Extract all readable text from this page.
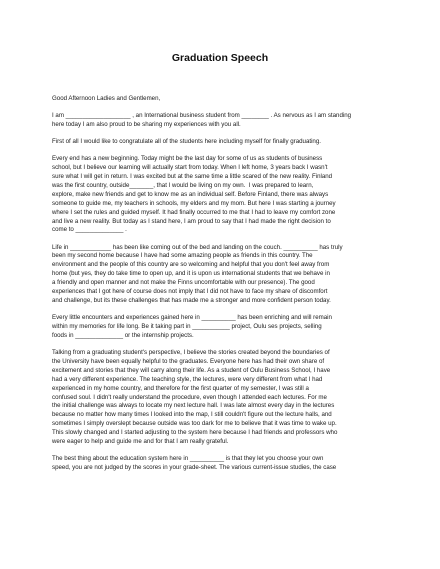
Graduation Speech

Good Afternoon Ladies and Gentlemen,

I am ___________________ , an International business student from ________ . As nervous as I am standing
here today I am also proud to be sharing my experiences with you all.

First of all I would like to congratulate all of the students here including myself for finally graduating.

Every end has a new beginning. Today might be the last day for some of us as students of business
school, but I believe our learning will actually start from today. When I left home, 3 years back I wasn't
sure what I will get in return. I was excited but at the same time a little scared of the new reality. Finland
was the first country, outside_______, that I would be living on my own.  I was prepared to learn,
explore, make new friends and get to know me as an individual self. Before Finland, there was always
someone to guide me, my teachers in schools, my elders and my mom. But here I was starting a journey
where I set the rules and guided myself. It had finally occurred to me that I had to leave my comfort zone
and live a new reality. But today as I stand here, I am proud to say that I had made the right decision to
come to ______________ .

Life in ____________ has been like coming out of the bed and landing on the couch. __________ has truly
been my second home because I have had some amazing people as friends in this country. The
environment and the people of this country are so welcoming and helpful that you don't feel away from
home (but yes, they do take time to open up, and it is upon us international students that we behave in
a friendly and open manner and not make the Finns uncomfortable with our presence). The good
experiences that I got here of course does not imply that I did not have to face my share of discomfort
and challenge, but its these challenges that has made me a stronger and more confident person today.

Every little encounters and experiences gained here in __________ has been enriching and will remain
within my memories for life long. Be it taking part in ___________ project, Oulu ses projects, selling
foods in ______________ or the internship projects.

Talking from a graduating student's perspective, I believe the stories created beyond the boundaries of
the University have been equally helpful to the graduates. Everyone here has had their own share of
excitement and stories that they will carry along their life. As a student of Oulu Business School, I have
had a very different experience. The teaching style, the lectures, were very different from what I had
experienced in my home country, and therefore for the first quarter of my semester, I was still a
confused soul. I didn't really understand the procedure, even though I attended each lectures. For me
the initial challenge was always to locate my next lecture hall. I was late almost every day in the lectures
because no matter how many times I looked into the map, I still couldn't figure out the lecture halls, and
sometimes I simply overslept because outside was too dark for me to believe that it was time to wake up.
This slowly changed and I started adjusting to the system here because I had friends and professors who
were eager to help and guide me and for that I am really grateful.

The best thing about the education system here in __________ is that they let you choose your own
speed, you are not judged by the scores in your grade-sheet. The various current-issue studies, the case
